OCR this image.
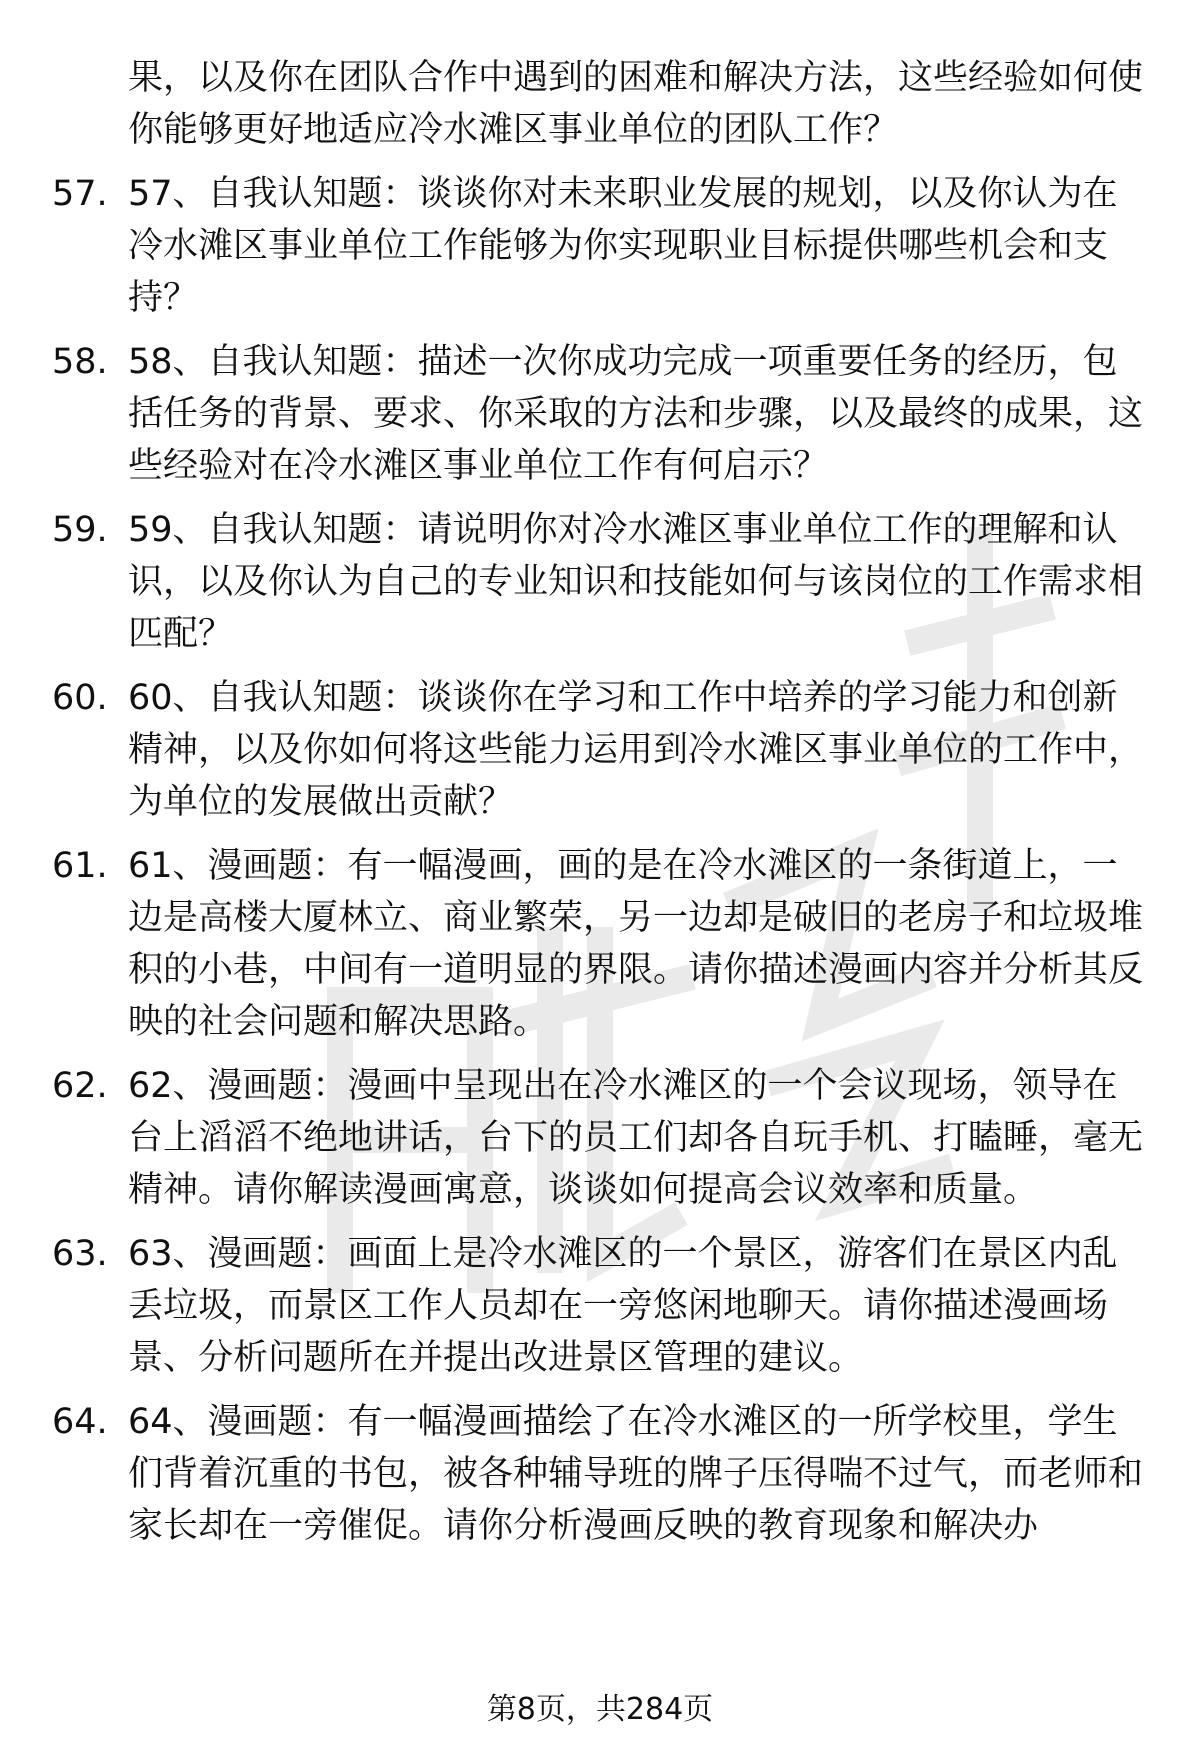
果，以及你在团队合作中遇到的困难和解决方法，这些经验如何使你能够更好地适应冷水滩区事业单位的团队工作？

57. 57、自我认知题：谈谈你对未来职业发展的规划，以及你认为在冷水滩区事业单位工作能够为你实现职业目标提供哪些机会和支持？
58. 58、自我认知题：描述一次你成功完成一项重要任务的经历，包括任务的背景、要求、你采取的方法和步骤，以及最终的成果，这些经验对在冷水滩区事业单位工作有何启示？
59. 59、自我认知题：请说明你对冷水滩区事业单位工作的理解和认识，以及你认为自己的专业知识和技能如何与该岗位的工作需求相匹配？
60. 60、自我认知题：谈谈你在学习和工作中培养的学习能力和创新精神，以及你如何将这些能力运用到冷水滩区事业单位的工作中，为单位的发展做出贡献？
61. 61、漫画题：有一幅漫画，画的是在冷水滩区的一条街道上，一边是高楼大厦林立、商业繁荣，另一边却是破旧的老房子和垃圾堆积的小巷，中间有一道明显的界限。请你描述漫画内容并分析其反映的社会问题和解决思路。
62. 62、漫画题：漫画中呈现出在冷水滩区的一个会议现场，领导在台上滔滔不绝地讲话，台下的员工们却各自玩手机、打瞌睡，毫无精神。请你解读漫画寓意，谈谈如何提高会议效率和质量。
63. 63、漫画题：画面上是冷水滩区的一个景区，游客们在景区内乱丢垃圾，而景区工作人员却在一旁悠闲地聊天。请你描述漫画场景、分析问题所在并提出改进景区管理的建议。
64. 64、漫画题：有一幅漫画描绘了在冷水滩区的一所学校里，学生们背着沉重的书包，被各种辅导班的牌子压得喘不过气，而老师和家长却在一旁催促。请你分析漫画反映的教育现象和解决办
第8页，共284页
